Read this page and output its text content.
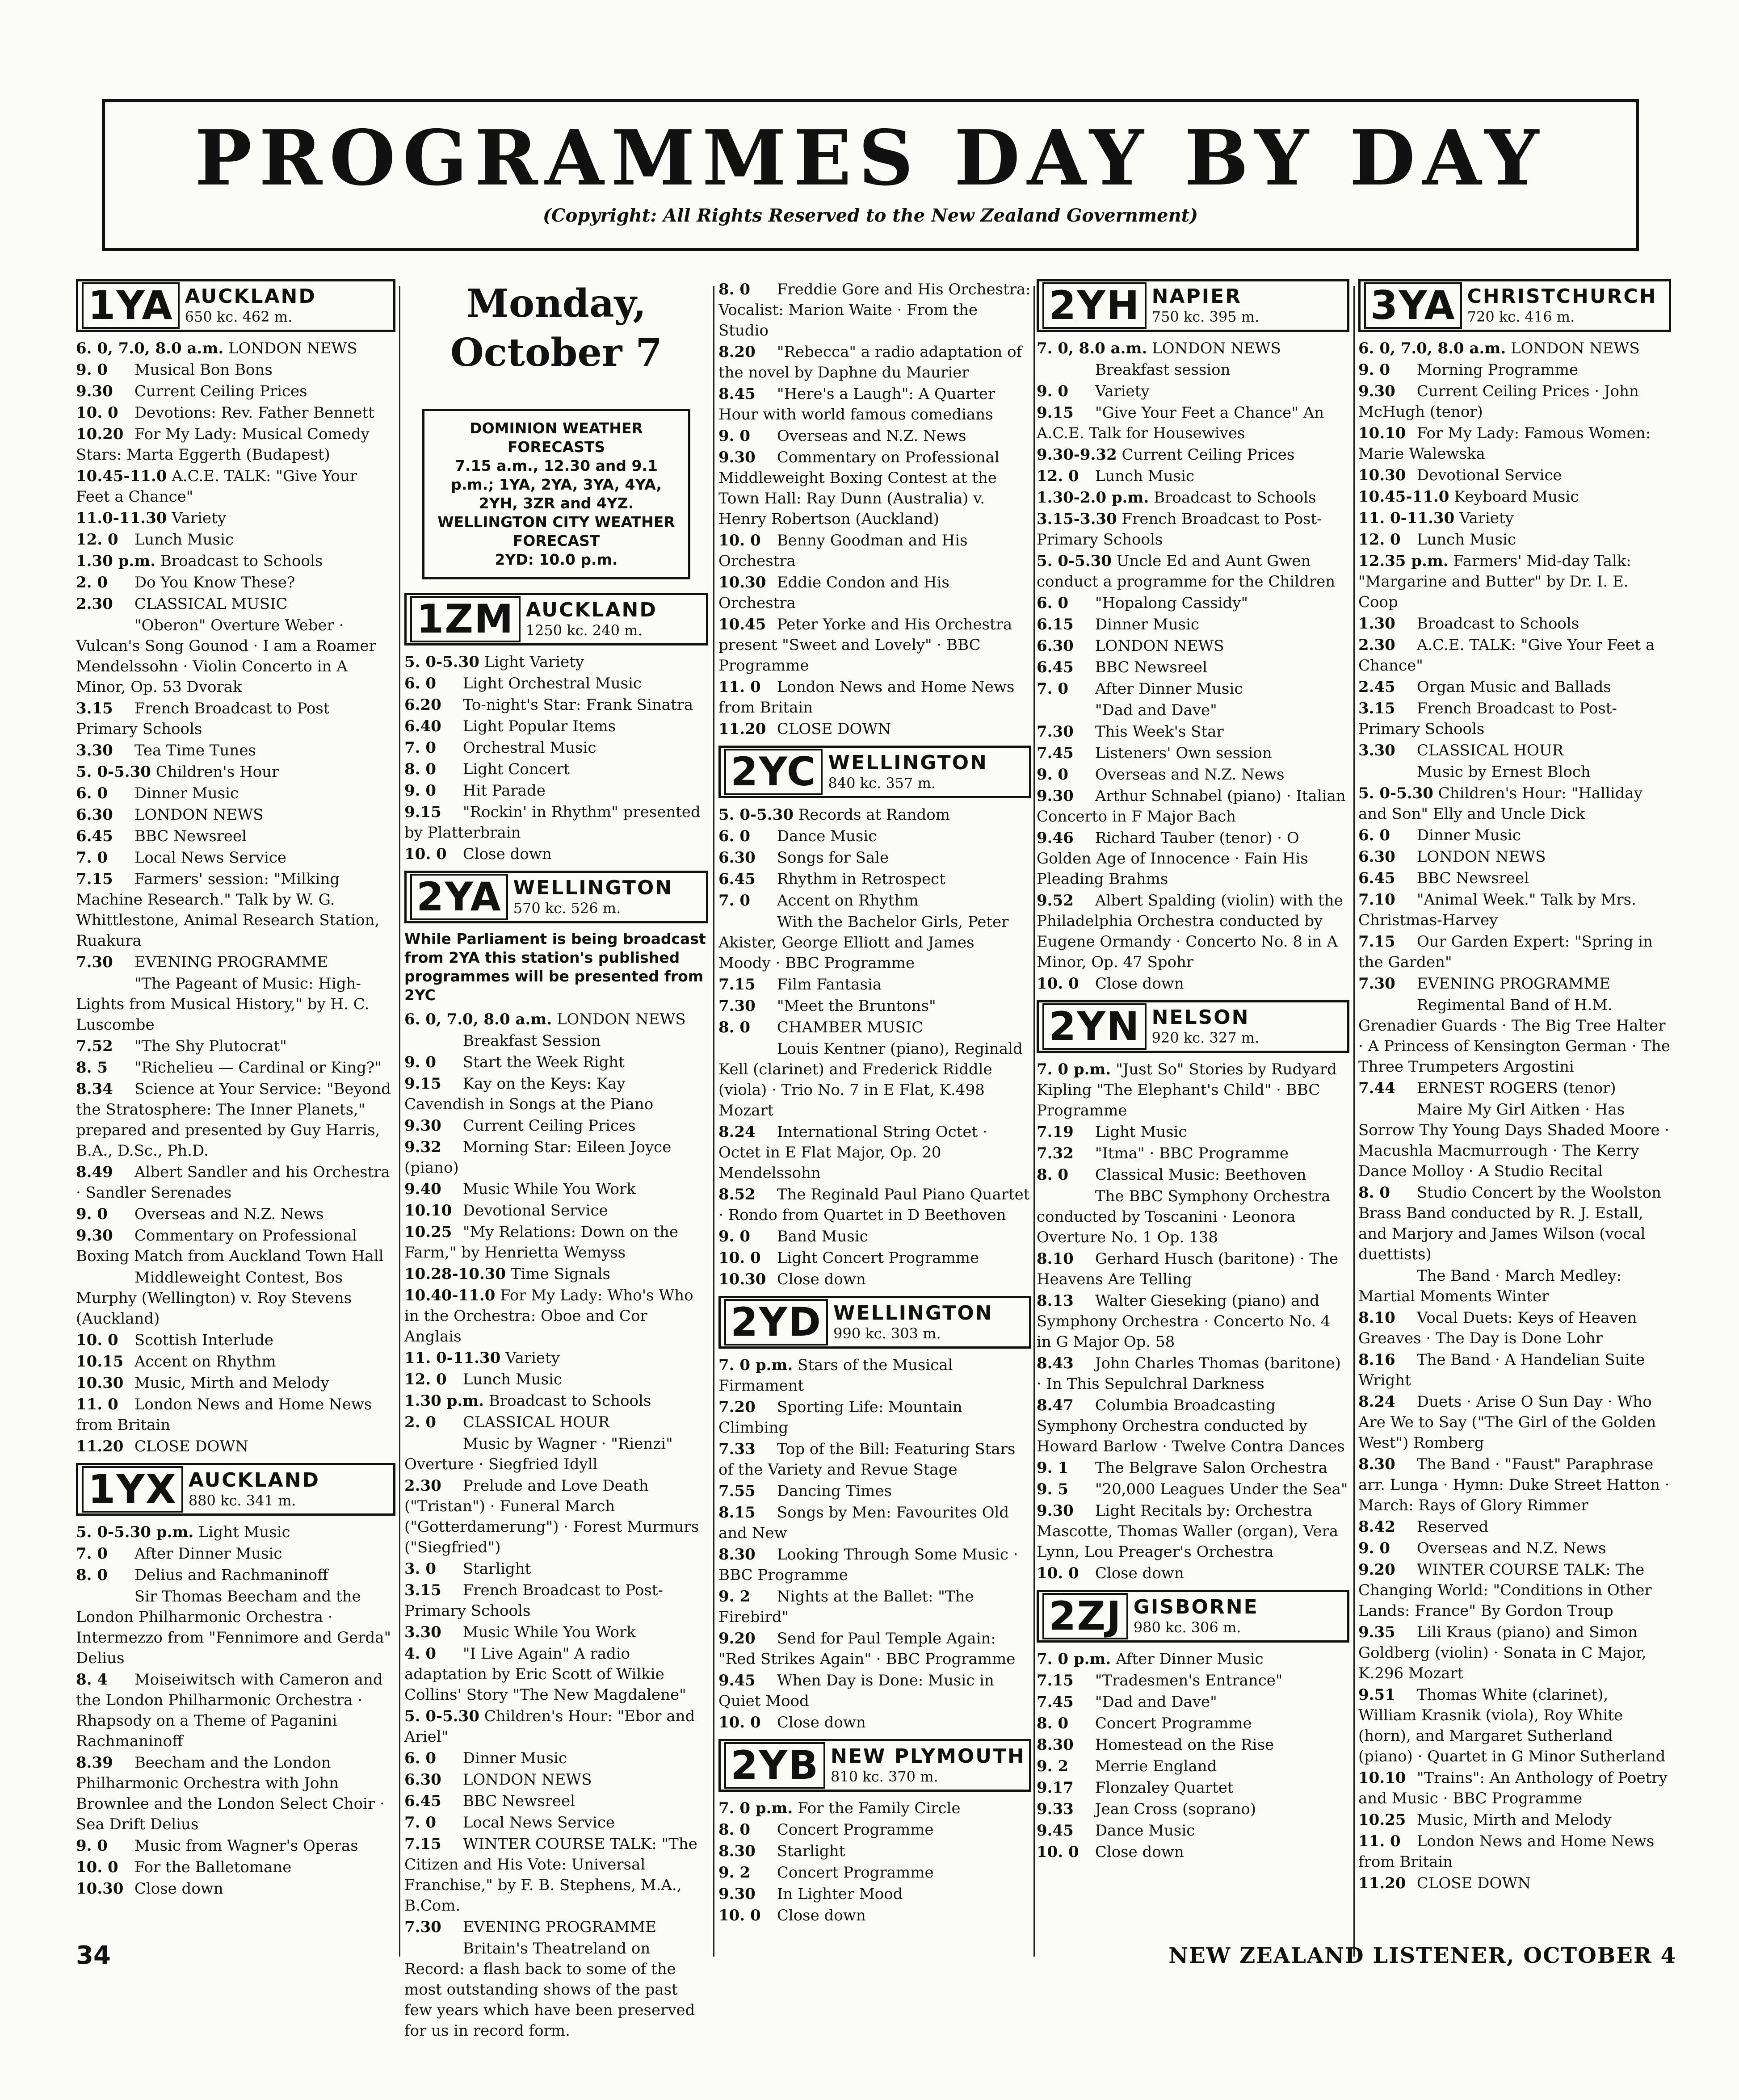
PROGRAMMES DAY BY DAY
(Copyright: All Rights Reserved to the New Zealand Government)
1YA AUCKLAND
650 kc. 462 m.
6. 0, 7.0, 8.0 a.m. LONDON NEWS
9. 0 Musical Bon Bons
9.30 Current Ceiling Prices
10. 0 Devotions: Rev. Father Bennett
10.20 For My Lady: Musical Comedy Stars: Marta Eggerth (Budapest)
10.45-11.0 A.C.E. TALK: "Give Your Feet a Chance"
11.0-11.30 Variety
12. 0 Lunch Music
1.30 p.m. Broadcast to Schools
2. 0 Do You Know These?
2.30 CLASSICAL MUSIC
"Oberon" Overture Weber · Vulcan's Song Gounod · I am a Roamer Mendelssohn · Violin Concerto in A Minor, Op. 53 Dvorak
3.15 French Broadcast to Post Primary Schools
3.30 Tea Time Tunes
5. 0-5.30 Children's Hour
6. 0 Dinner Music
6.30 LONDON NEWS
6.45 BBC Newsreel
7. 0 Local News Service
7.15 Farmers' session: "Milking Machine Research." Talk by W. G. Whittlestone, Animal Research Station, Ruakura
7.30 EVENING PROGRAMME
"The Pageant of Music: High-Lights from Musical History," by H. C. Luscombe
7.52 "The Shy Plutocrat"
8. 5 "Richelieu — Cardinal or King?"
8.34 Science at Your Service: "Beyond the Stratosphere: The Inner Planets," prepared and presented by Guy Harris, B.A., D.Sc., Ph.D.
8.49 Albert Sandler and his Orchestra · Sandler Serenades
9. 0 Overseas and N.Z. News
9.30 Commentary on Professional Boxing Match from Auckland Town Hall
Middleweight Contest, Bos Murphy (Wellington) v. Roy Stevens (Auckland)
10. 0 Scottish Interlude
10.15 Accent on Rhythm
10.30 Music, Mirth and Melody
11. 0 London News and Home News from Britain
11.20 CLOSE DOWN
1YX AUCKLAND
880 kc. 341 m.
5. 0-5.30 p.m. Light Music
7. 0 After Dinner Music
8. 0 Delius and Rachmaninoff
Sir Thomas Beecham and the London Philharmonic Orchestra · Intermezzo from "Fennimore and Gerda" Delius
8. 4 Moiseiwitsch with Cameron and the London Philharmonic Orchestra · Rhapsody on a Theme of Paganini Rachmaninoff
8.39 Beecham and the London Philharmonic Orchestra with John Brownlee and the London Select Choir · Sea Drift Delius
9. 0 Music from Wagner's Operas
10. 0 For the Balletomane
10.30 Close down
Monday, October 7
DOMINION WEATHER FORECASTS
7.15 a.m., 12.30 and 9.1 p.m.; 1YA, 2YA, 3YA, 4YA, 2YH, 3ZR and 4YZ.
WELLINGTON CITY WEATHER FORECAST
2YD: 10.0 p.m.
1ZM AUCKLAND
1250 kc. 240 m.
5. 0-5.30 Light Variety
6. 0 Light Orchestral Music
6.20 To-night's Star: Frank Sinatra
6.40 Light Popular Items
7. 0 Orchestral Music
8. 0 Light Concert
9. 0 Hit Parade
9.15 "Rockin' in Rhythm" presented by Platterbrain
10. 0 Close down
2YA WELLINGTON
570 kc. 526 m.
While Parliament is being broadcast from 2YA this station's published programmes will be presented from 2YC
6. 0, 7.0, 8.0 a.m. LONDON NEWS
Breakfast Session
9. 0 Start the Week Right
9.15 Kay on the Keys: Kay Cavendish in Songs at the Piano
9.30 Current Ceiling Prices
9.32 Morning Star: Eileen Joyce (piano)
9.40 Music While You Work
10.10 Devotional Service
10.25 "My Relations: Down on the Farm," by Henrietta Wemyss
10.28-10.30 Time Signals
10.40-11.0 For My Lady: Who's Who in the Orchestra: Oboe and Cor Anglais
11. 0-11.30 Variety
12. 0 Lunch Music
1.30 p.m. Broadcast to Schools
2. 0 CLASSICAL HOUR
Music by Wagner · "Rienzi" Overture · Siegfried Idyll
2.30 Prelude and Love Death ("Tristan") · Funeral March ("Gotterdamerung") · Forest Murmurs ("Siegfried")
3. 0 Starlight
3.15 French Broadcast to Post-Primary Schools
3.30 Music While You Work
4. 0 "I Live Again" A radio adaptation by Eric Scott of Wilkie Collins' Story "The New Magdalene"
5. 0-5.30 Children's Hour: "Ebor and Ariel"
6. 0 Dinner Music
6.30 LONDON NEWS
6.45 BBC Newsreel
7. 0 Local News Service
7.15 WINTER COURSE TALK: "The Citizen and His Vote: Universal Franchise," by F. B. Stephens, M.A., B.Com.
7.30 EVENING PROGRAMME
Britain's Theatreland on Record: a flash back to some of the most outstanding shows of the past few years which have been preserved for us in record form.
8. 0 Freddie Gore and His Orchestra: Vocalist: Marion Waite · From the Studio
8.20 "Rebecca" a radio adaptation of the novel by Daphne du Maurier
8.45 "Here's a Laugh": A Quarter Hour with world famous comedians
9. 0 Overseas and N.Z. News
9.30 Commentary on Professional Middleweight Boxing Contest at the Town Hall: Ray Dunn (Australia) v. Henry Robertson (Auckland)
10. 0 Benny Goodman and His Orchestra
10.30 Eddie Condon and His Orchestra
10.45 Peter Yorke and His Orchestra present "Sweet and Lovely" · BBC Programme
11. 0 London News and Home News from Britain
11.20 CLOSE DOWN
2YC WELLINGTON
840 kc. 357 m.
5. 0-5.30 Records at Random
6. 0 Dance Music
6.30 Songs for Sale
6.45 Rhythm in Retrospect
7. 0 Accent on Rhythm
With the Bachelor Girls, Peter Akister, George Elliott and James Moody · BBC Programme
7.15 Film Fantasia
7.30 "Meet the Bruntons"
8. 0 CHAMBER MUSIC
Louis Kentner (piano), Reginald Kell (clarinet) and Frederick Riddle (viola) · Trio No. 7 in E Flat, K.498 Mozart
8.24 International String Octet · Octet in E Flat Major, Op. 20 Mendelssohn
8.52 The Reginald Paul Piano Quartet · Rondo from Quartet in D Beethoven
9. 0 Band Music
10. 0 Light Concert Programme
10.30 Close down
2YD WELLINGTON
990 kc. 303 m.
7. 0 p.m. Stars of the Musical Firmament
7.20 Sporting Life: Mountain Climbing
7.33 Top of the Bill: Featuring Stars of the Variety and Revue Stage
7.55 Dancing Times
8.15 Songs by Men: Favourites Old and New
8.30 Looking Through Some Music · BBC Programme
9. 2 Nights at the Ballet: "The Firebird"
9.20 Send for Paul Temple Again: "Red Strikes Again" · BBC Programme
9.45 When Day is Done: Music in Quiet Mood
10. 0 Close down
2YB NEW PLYMOUTH
810 kc. 370 m.
7. 0 p.m. For the Family Circle
8. 0 Concert Programme
8.30 Starlight
9. 2 Concert Programme
9.30 In Lighter Mood
10. 0 Close down
2YH NAPIER
750 kc. 395 m.
7. 0, 8.0 a.m. LONDON NEWS
Breakfast session
9. 0 Variety
9.15 "Give Your Feet a Chance" An A.C.E. Talk for Housewives
9.30-9.32 Current Ceiling Prices
12. 0 Lunch Music
1.30-2.0 p.m. Broadcast to Schools
3.15-3.30 French Broadcast to Post-Primary Schools
5. 0-5.30 Uncle Ed and Aunt Gwen conduct a programme for the Children
6. 0 "Hopalong Cassidy"
6.15 Dinner Music
6.30 LONDON NEWS
6.45 BBC Newsreel
7. 0 After Dinner Music
"Dad and Dave"
7.30 This Week's Star
7.45 Listeners' Own session
9. 0 Overseas and N.Z. News
9.30 Arthur Schnabel (piano) · Italian Concerto in F Major Bach
9.46 Richard Tauber (tenor) · O Golden Age of Innocence · Fain His Pleading Brahms
9.52 Albert Spalding (violin) with the Philadelphia Orchestra conducted by Eugene Ormandy · Concerto No. 8 in A Minor, Op. 47 Spohr
10. 0 Close down
2YN NELSON
920 kc. 327 m.
7. 0 p.m. "Just So" Stories by Rudyard Kipling "The Elephant's Child" · BBC Programme
7.19 Light Music
7.32 "Itma" · BBC Programme
8. 0 Classical Music: Beethoven
The BBC Symphony Orchestra conducted by Toscanini · Leonora Overture No. 1 Op. 138
8.10 Gerhard Husch (baritone) · The Heavens Are Telling
8.13 Walter Gieseking (piano) and Symphony Orchestra · Concerto No. 4 in G Major Op. 58
8.43 John Charles Thomas (baritone) · In This Sepulchral Darkness
8.47 Columbia Broadcasting Symphony Orchestra conducted by Howard Barlow · Twelve Contra Dances
9. 1 The Belgrave Salon Orchestra
9. 5 "20,000 Leagues Under the Sea"
9.30 Light Recitals by: Orchestra Mascotte, Thomas Waller (organ), Vera Lynn, Lou Preager's Orchestra
10. 0 Close down
2ZJ GISBORNE
980 kc. 306 m.
7. 0 p.m. After Dinner Music
7.15 "Tradesmen's Entrance"
7.45 "Dad and Dave"
8. 0 Concert Programme
8.30 Homestead on the Rise
9. 2 Merrie England
9.17 Flonzaley Quartet
9.33 Jean Cross (soprano)
9.45 Dance Music
10. 0 Close down
3YA CHRISTCHURCH
720 kc. 416 m.
6. 0, 7.0, 8.0 a.m. LONDON NEWS
9. 0 Morning Programme
9.30 Current Ceiling Prices · John McHugh (tenor)
10.10 For My Lady: Famous Women: Marie Walewska
10.30 Devotional Service
10.45-11.0 Keyboard Music
11. 0-11.30 Variety
12. 0 Lunch Music
12.35 p.m. Farmers' Mid-day Talk: "Margarine and Butter" by Dr. I. E. Coop
1.30 Broadcast to Schools
2.30 A.C.E. TALK: "Give Your Feet a Chance"
2.45 Organ Music and Ballads
3.15 French Broadcast to Post-Primary Schools
3.30 CLASSICAL HOUR
Music by Ernest Bloch
5. 0-5.30 Children's Hour: "Halliday and Son" Elly and Uncle Dick
6. 0 Dinner Music
6.30 LONDON NEWS
6.45 BBC Newsreel
7.10 "Animal Week." Talk by Mrs. Christmas-Harvey
7.15 Our Garden Expert: "Spring in the Garden"
7.30 EVENING PROGRAMME
Regimental Band of H.M. Grenadier Guards · The Big Tree Halter · A Princess of Kensington German · The Three Trumpeters Argostini
7.44 ERNEST ROGERS (tenor)
Maire My Girl Aitken · Has Sorrow Thy Young Days Shaded Moore · Macushla Macmurrough · The Kerry Dance Molloy · A Studio Recital
8. 0 Studio Concert by the Woolston Brass Band conducted by R. J. Estall, and Marjory and James Wilson (vocal duettists)
The Band · March Medley: Martial Moments Winter
8.10 Vocal Duets: Keys of Heaven Greaves · The Day is Done Lohr
8.16 The Band · A Handelian Suite Wright
8.24 Duets · Arise O Sun Day · Who Are We to Say ("The Girl of the Golden West") Romberg
8.30 The Band · "Faust" Paraphrase arr. Lunga · Hymn: Duke Street Hatton · March: Rays of Glory Rimmer
8.42 Reserved
9. 0 Overseas and N.Z. News
9.20 WINTER COURSE TALK: The Changing World: "Conditions in Other Lands: France" By Gordon Troup
9.35 Lili Kraus (piano) and Simon Goldberg (violin) · Sonata in C Major, K.296 Mozart
9.51 Thomas White (clarinet), William Krasnik (viola), Roy White (horn), and Margaret Sutherland (piano) · Quartet in G Minor Sutherland
10.10 "Trains": An Anthology of Poetry and Music · BBC Programme
10.25 Music, Mirth and Melody
11. 0 London News and Home News from Britain
11.20 CLOSE DOWN
34	NEW ZEALAND LISTENER, OCTOBER 4
